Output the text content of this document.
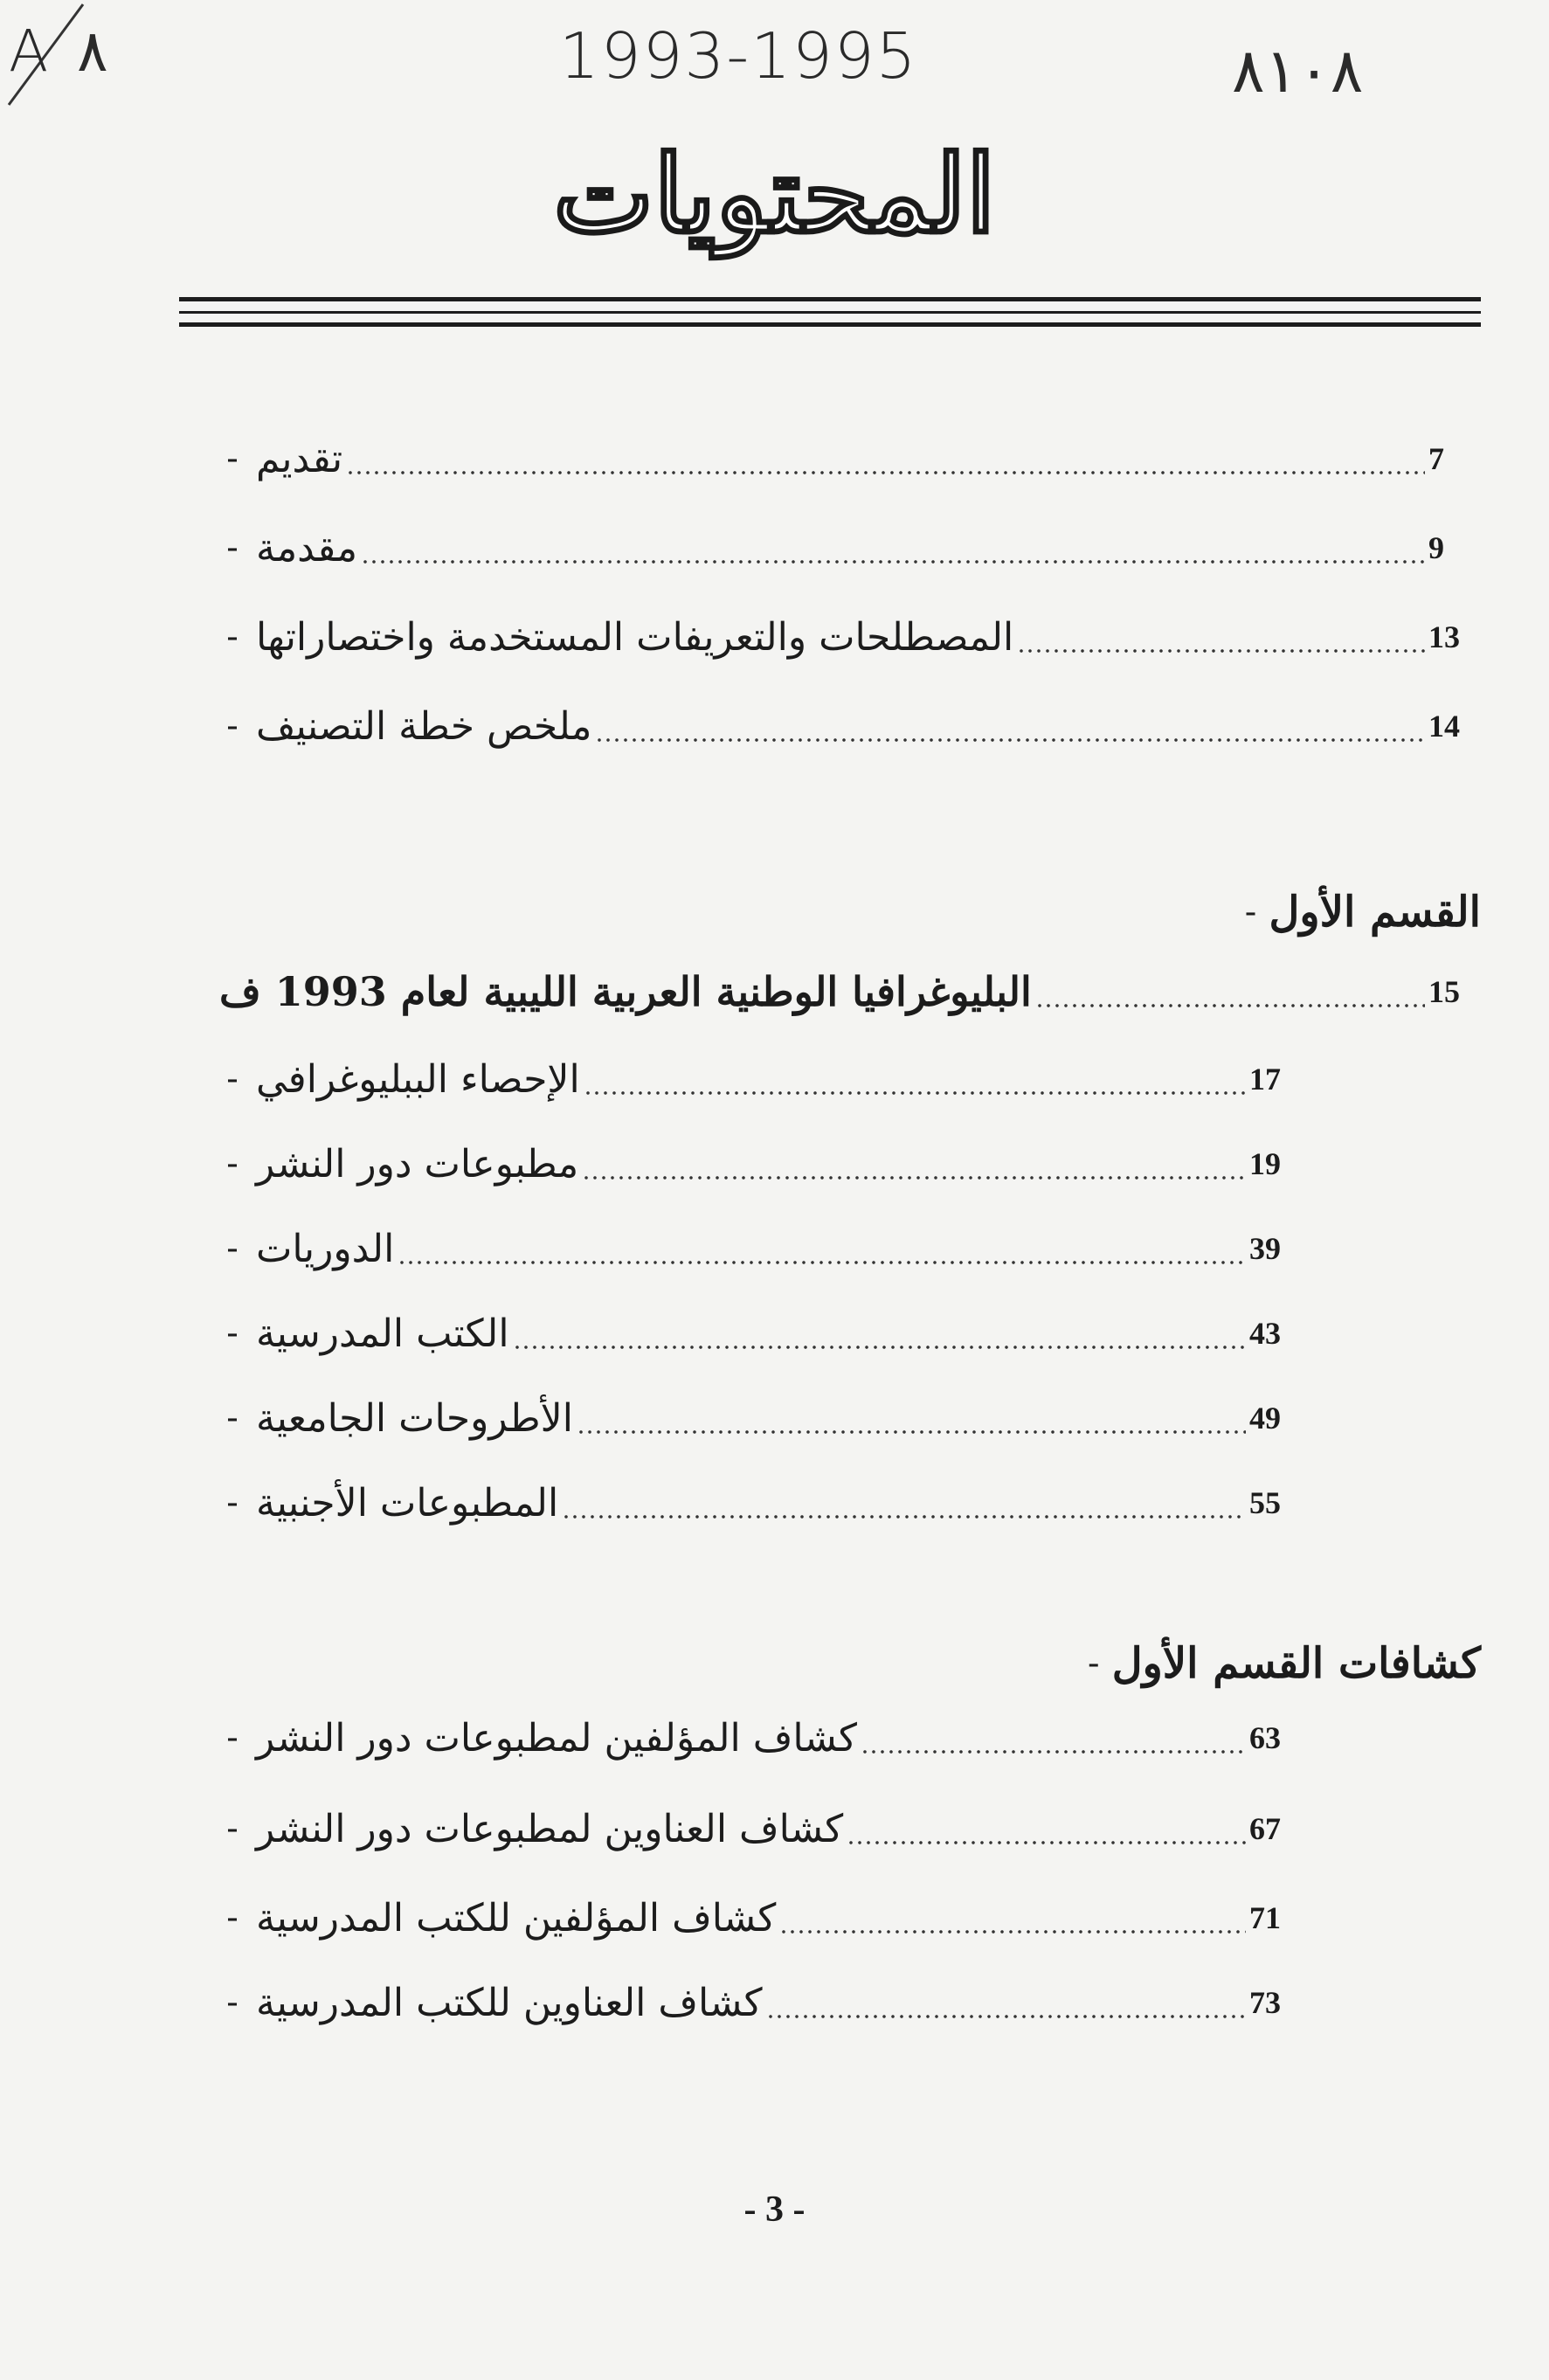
A ٨	1993-1995	٨١٠٨
المحتويات
- تقديم	7
- مقدمة	9
- المصطلحات والتعريفات المستخدمة واختصاراتها	13
- ملخص خطة التصنيف	14
- القسم الأول
البليوغرافيا الوطنية العربية الليبية لعام 1993 ف	15
- الإحصاء الببليوغرافي	17
- مطبوعات دور النشر	19
- الدوريات	39
- الكتب المدرسية	43
- الأطروحات الجامعية	49
- المطبوعات الأجنبية	55
- كشافات القسم الأول
- كشاف المؤلفين لمطبوعات دور النشر	63
- كشاف العناوين لمطبوعات دور النشر	67
- كشاف المؤلفين للكتب المدرسية	71
- كشاف العناوين للكتب المدرسية	73
- 3 -
